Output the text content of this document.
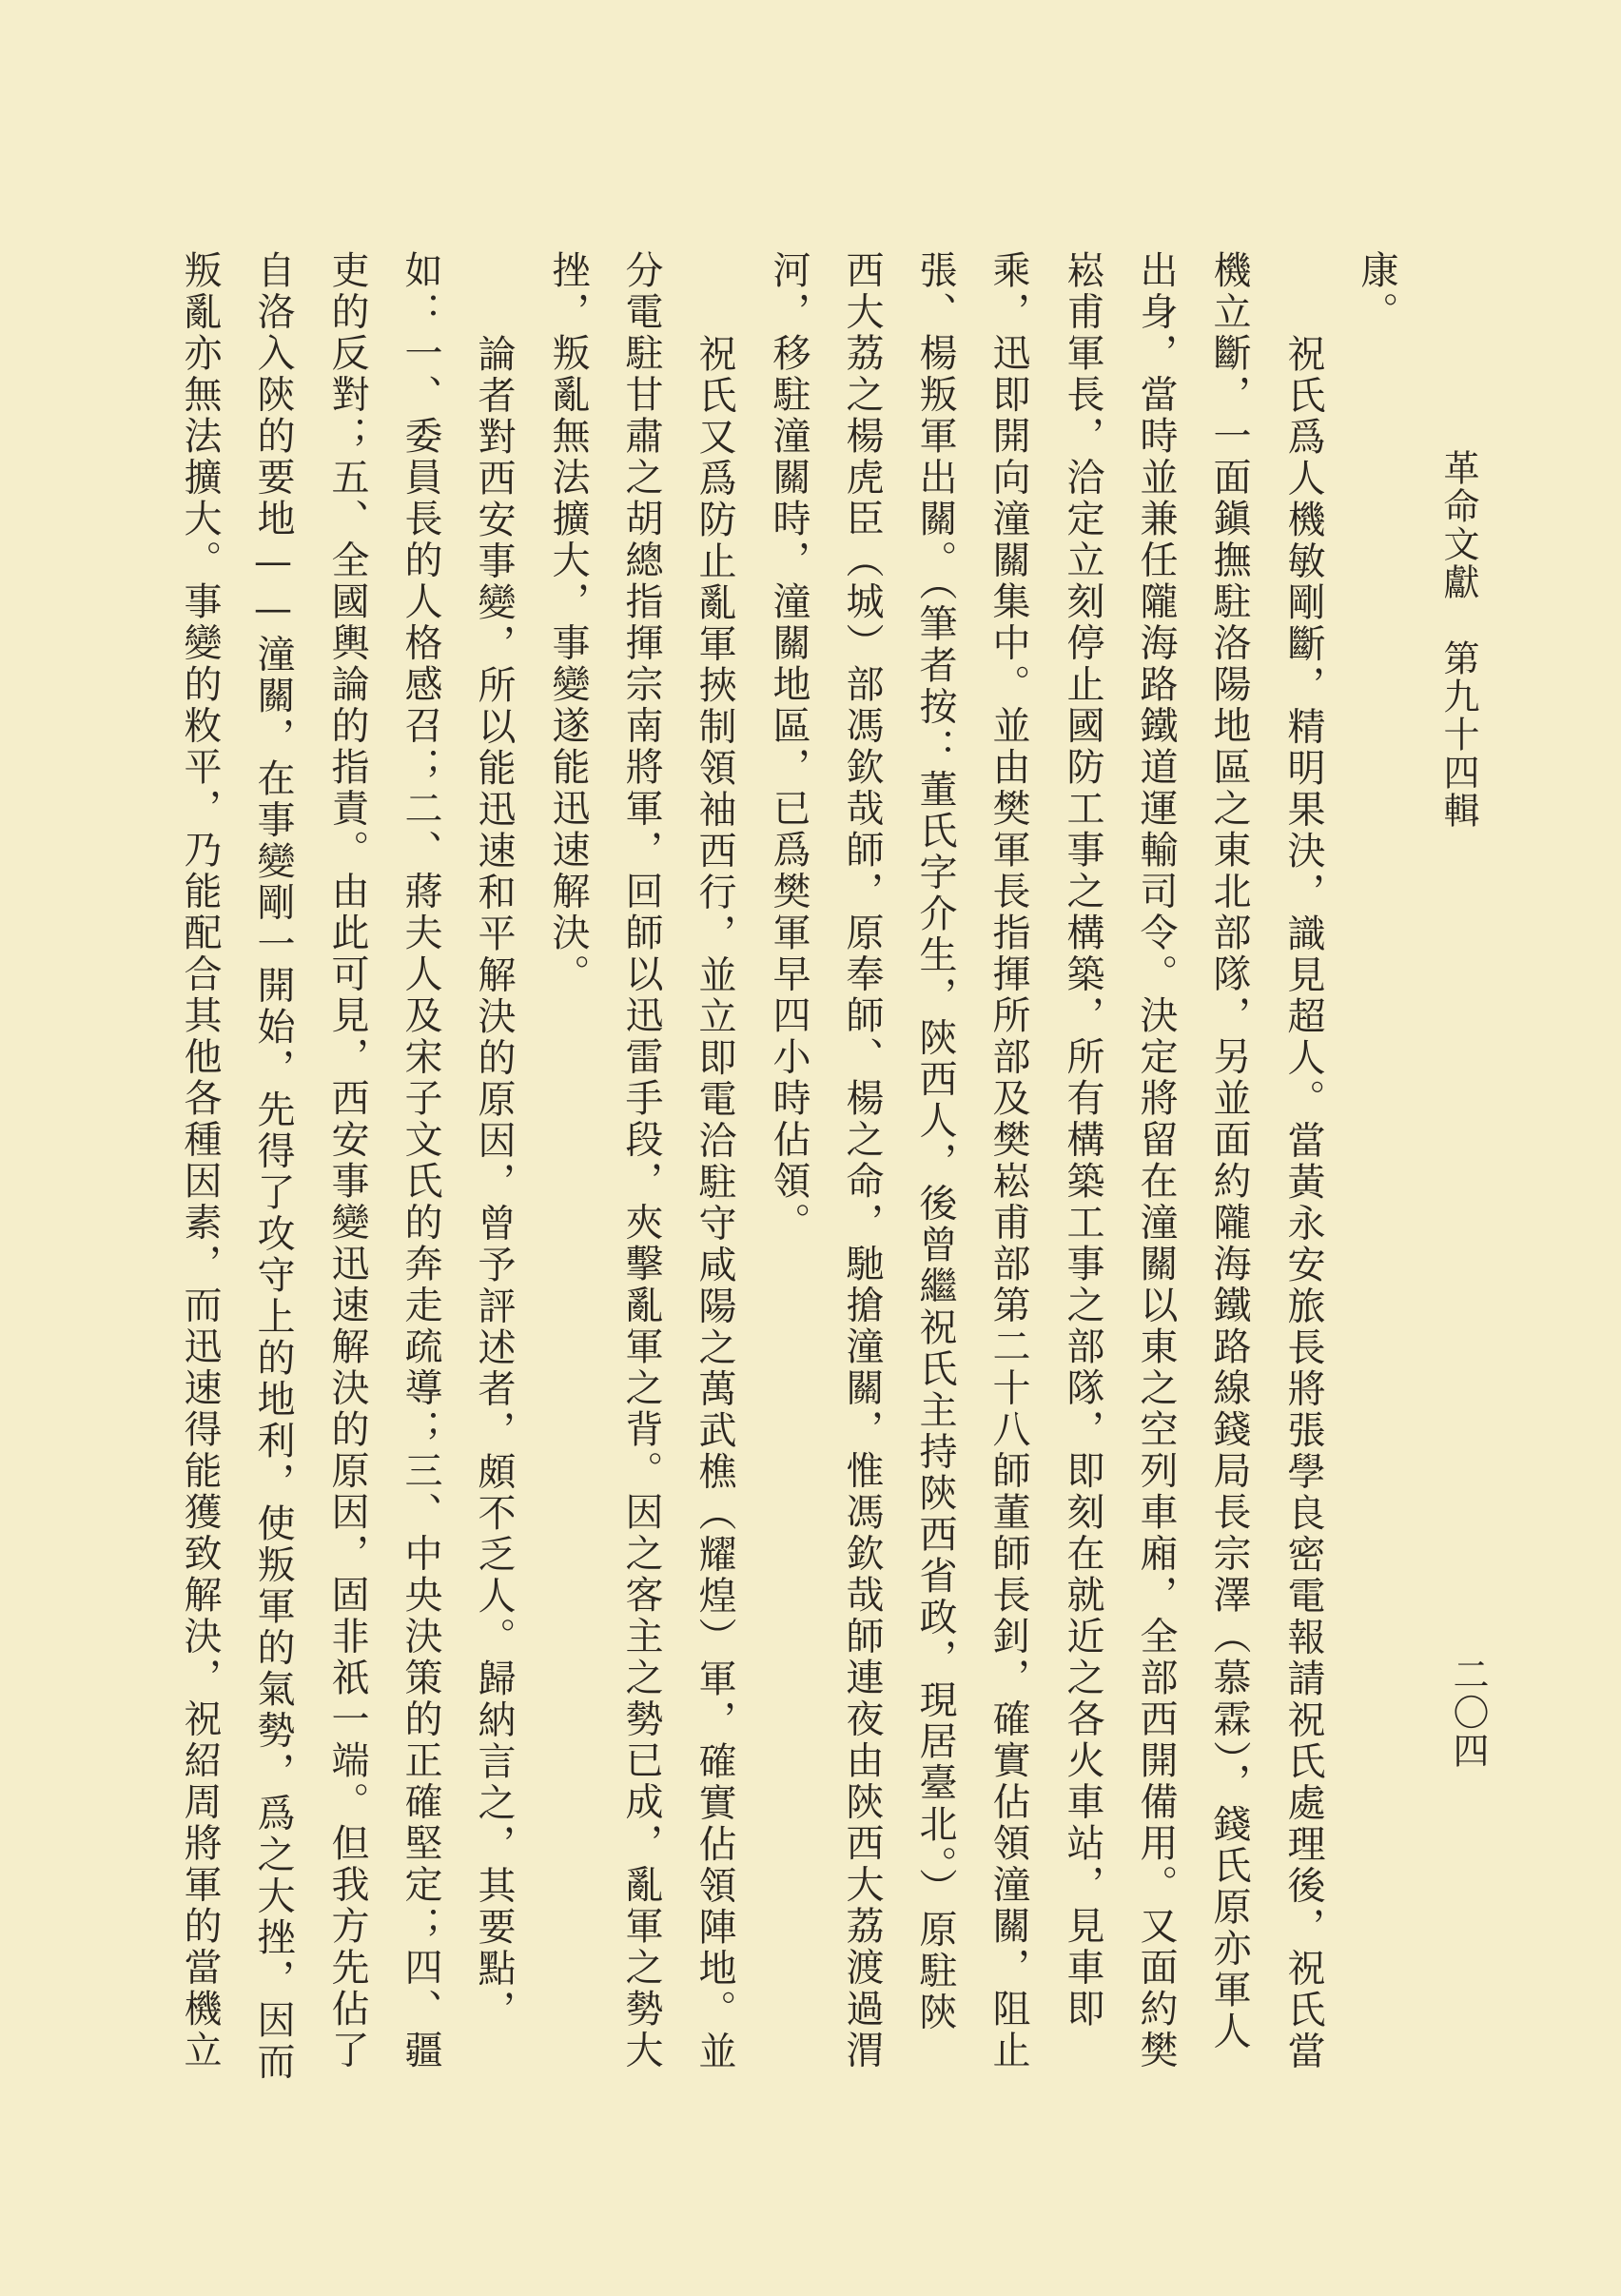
革命文獻第九十四輯
二〇四
康。
祝氏爲人機敏剛斷，精明果決，識見超人。當黃永安旅長將張學良密電報請祝氏處理後，祝氏當
機立斷，一面鎭撫駐洛陽地區之東北部隊，另並面約隴海鐵路線錢局長宗澤（慕霖），錢氏原亦軍人
出身，當時並兼任隴海路鐵道運輸司令。決定將留在潼關以東之空列車廂，全部西開備用。又面約樊
崧甫軍長，洽定立刻停止國防工事之構築，所有構築工事之部隊，即刻在就近之各火車站，見車即
乘，迅即開向潼關集中。並由樊軍長指揮所部及樊崧甫部第二十八師董師長釗，確實佔領潼關，阻止
張、楊叛軍出關。（筆者按：董氏字介生，陝西人，後曾繼祝氏主持陝西省政，現居臺北。）原駐陝
西大荔之楊虎臣（城）部馮欽哉師，原奉師、楊之命，馳搶潼關，惟馮欽哉師連夜由陝西大荔渡過渭
河，移駐潼關時，潼關地區，已爲樊軍早四小時佔領。
祝氏又爲防止亂軍挾制領袖西行，並立即電洽駐守咸陽之萬武樵（耀煌）軍，確實佔領陣地。並
分電駐甘肅之胡總指揮宗南將軍，回師以迅雷手段，夾擊亂軍之背。因之客主之勢已成，亂軍之勢大
挫，叛亂無法擴大，事變遂能迅速解決。
論者對西安事變，所以能迅速和平解決的原因，曾予評述者，頗不乏人。歸納言之，其要點，
如：一、委員長的人格感召；二、蔣夫人及宋子文氏的奔走疏導；三、中央決策的正確堅定；四、疆
吏的反對；五、全國輿論的指責。由此可見，西安事變迅速解決的原因，固非祇一端。但我方先佔了
自洛入陝的要地——潼關，在事變剛一開始，先得了攻守上的地利，使叛軍的氣勢，爲之大挫，因而
叛亂亦無法擴大。事變的敉平，乃能配合其他各種因素，而迅速得能獲致解決，祝紹周將軍的當機立
